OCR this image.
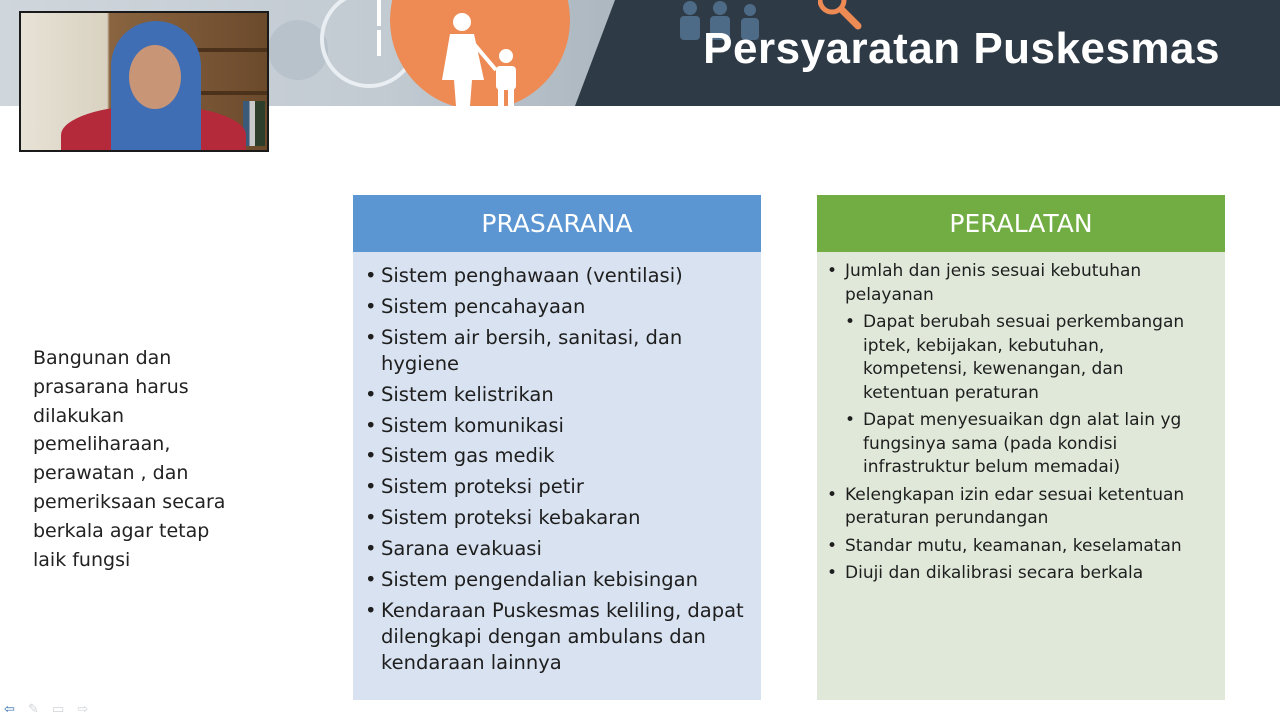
Persyaratan Puskesmas
Bangunan dan prasarana harus dilakukan pemeliharaan, perawatan , dan pemeriksaan secara berkala agar tetap laik fungsi
PRASARANA
• Sistem penghawaan (ventilasi)
• Sistem pencahayaan
• Sistem air bersih, sanitasi, dan hygiene
• Sistem kelistrikan
• Sistem komunikasi
• Sistem gas medik
• Sistem proteksi petir
• Sistem proteksi kebakaran
• Sarana evakuasi
• Sistem pengendalian kebisingan
• Kendaraan Puskesmas keliling, dapat dilengkapi dengan ambulans dan kendaraan lainnya
PERALATAN
• Jumlah dan jenis sesuai kebutuhan pelayanan
• Dapat berubah sesuai perkembangan iptek, kebijakan, kebutuhan, kompetensi, kewenangan, dan ketentuan peraturan
• Dapat menyesuaikan dgn alat lain yg fungsinya sama (pada kondisi infrastruktur belum memadai)
• Kelengkapan izin edar sesuai ketentuan peraturan perundangan
• Standar mutu, keamanan, keselamatan
• Diuji dan dikalibrasi secara berkala
⇦ ✎ ▭ ⇨
